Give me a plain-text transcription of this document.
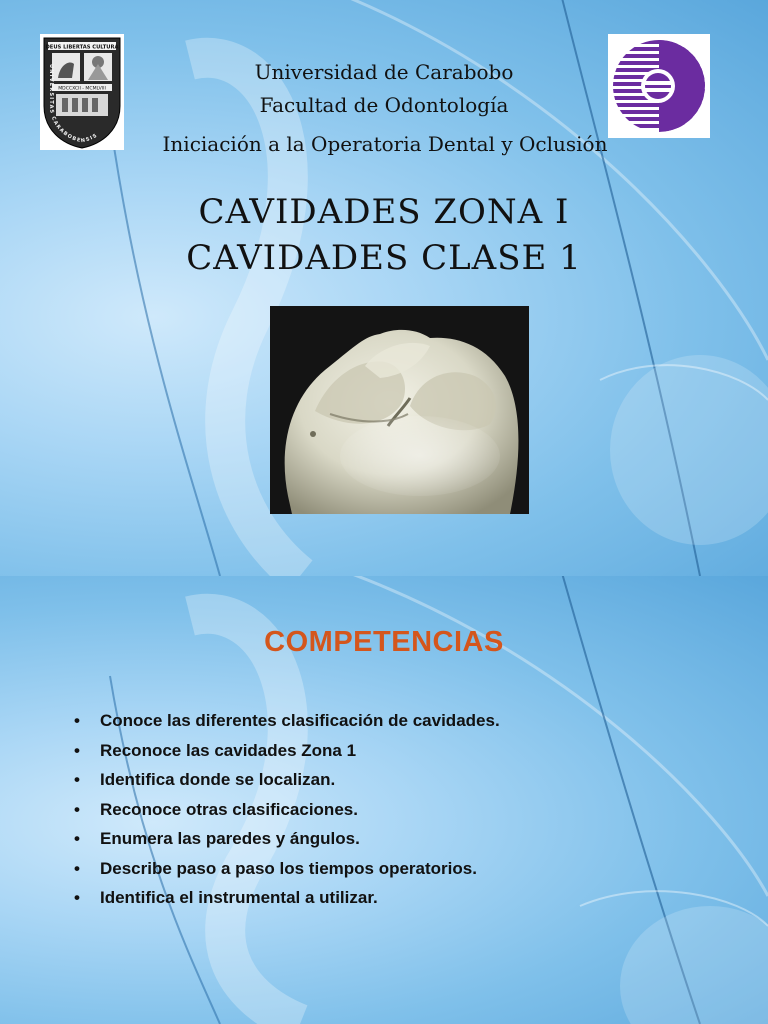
DEUS LIBERTAS CULTURA
MDCCXCII - MCMLVIII
UNIVERSITAS CARABOBENSIS
Universidad de Carabobo
Facultad de Odontología
Iniciación a la Operatoria Dental y Oclusión
CAVIDADES ZONA I
CAVIDADES CLASE 1
COMPETENCIAS
• Conoce las diferentes clasificación de cavidades.
• Reconoce las cavidades Zona 1
• Identifica donde se localizan.
• Reconoce otras clasificaciones.
• Enumera las paredes y ángulos.
• Describe paso a paso los tiempos operatorios.
• Identifica el instrumental a utilizar.
